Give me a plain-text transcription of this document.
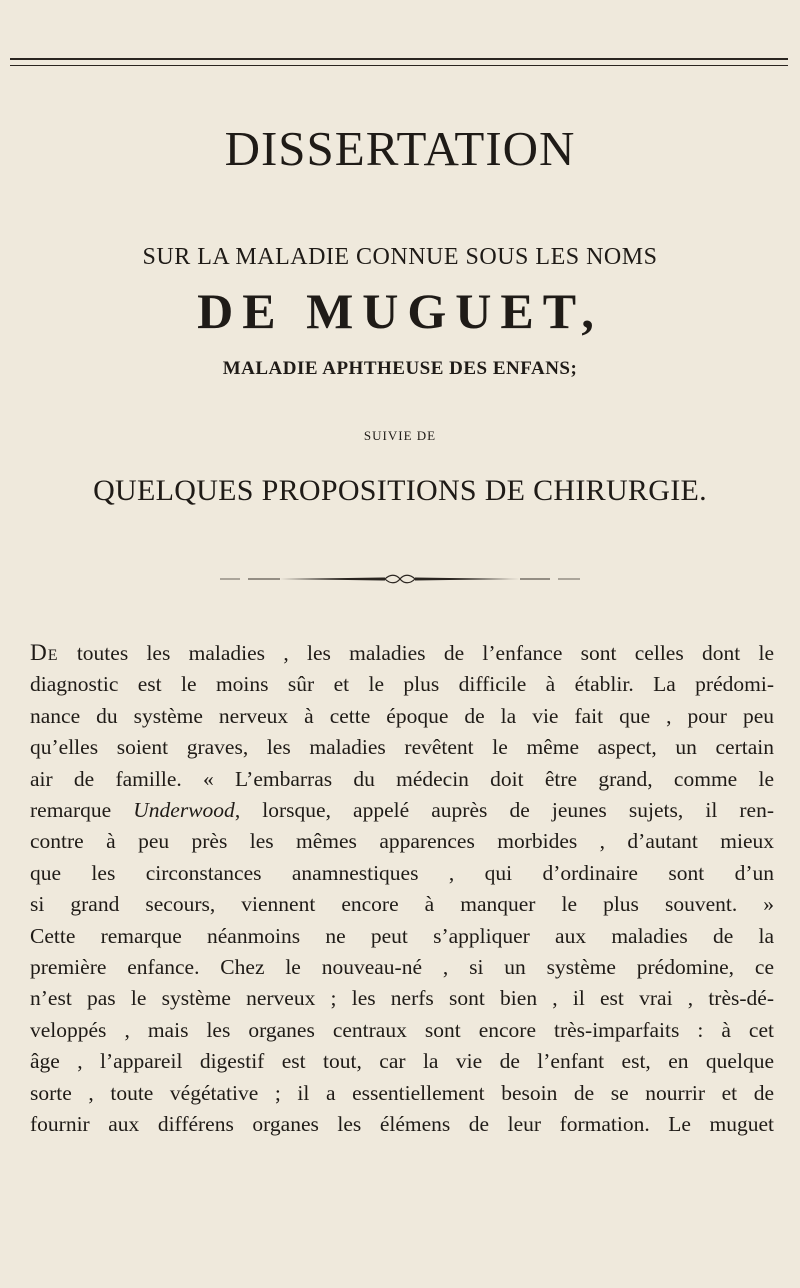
DISSERTATION
SUR LA MALADIE CONNUE SOUS LES NOMS
DE MUGUET,
MALADIE APHTHEUSE DES ENFANS;
SUIVIE DE
QUELQUES PROPOSITIONS DE CHIRURGIE.
De toutes les maladies , les maladies de l’enfance sont celles dont le
diagnostic est le moins sûr et le plus difficile à établir. La prédomi-
nance du système nerveux à cette époque de la vie fait que , pour peu
qu’elles soient graves, les maladies revêtent le même aspect, un certain
air de famille. « L’embarras du médecin doit être grand, comme le
remarque Underwood, lorsque, appelé auprès de jeunes sujets, il ren-
contre à peu près les mêmes apparences morbides , d’autant mieux
que les circonstances anamnestiques , qui d’ordinaire sont d’un
si grand secours, viennent encore à manquer le plus souvent. »
Cette remarque néanmoins ne peut s’appliquer aux maladies de la
première enfance. Chez le nouveau-né , si un système prédomine, ce
n’est pas le système nerveux ; les nerfs sont bien , il est vrai , très-dé-
veloppés , mais les organes centraux sont encore très-imparfaits : à cet
âge , l’appareil digestif est tout, car la vie de l’enfant est, en quelque
sorte , toute végétative ; il a essentiellement besoin de se nourrir et de
fournir aux différens organes les élémens de leur formation. Le muguet
